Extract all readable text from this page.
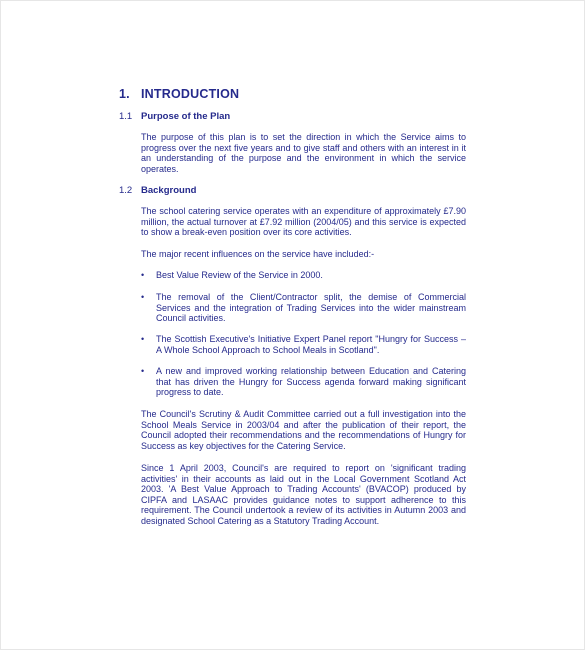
1. INTRODUCTION
1.1 Purpose of the Plan

The purpose of this plan is to set the direction in which the Service aims to progress over the next five years and to give staff and others with an interest in it an understanding of the purpose and the environment in which the service operates.

1.2 Background

The school catering service operates with an expenditure of approximately £7.90 million, the actual turnover at £7.92 million (2004/05) and this service is expected to show a break-even position over its core activities.

The major recent influences on the service have included:-

• Best Value Review of the Service in 2000.

• The removal of the Client/Contractor split, the demise of Commercial Services and the integration of Trading Services into the wider mainstream Council activities.

• The Scottish Executive's Initiative Expert Panel report "Hungry for Success – A Whole School Approach to School Meals in Scotland".

• A new and improved working relationship between Education and Catering that has driven the Hungry for Success agenda forward making significant progress to date.

The Council's Scrutiny & Audit Committee carried out a full investigation into the School Meals Service in 2003/04 and after the publication of their report, the Council adopted their recommendations and the recommendations of Hungry for Success as key objectives for the Catering Service.

Since 1 April 2003, Council's are required to report on 'significant trading activities' in their accounts as laid out in the Local Government Scotland Act 2003. 'A Best Value Approach to Trading Accounts' (BVACOP) produced by CIPFA and LASAAC provides guidance notes to support adherence to this requirement. The Council undertook a review of its activities in Autumn 2003 and designated School Catering as a Statutory Trading Account.
